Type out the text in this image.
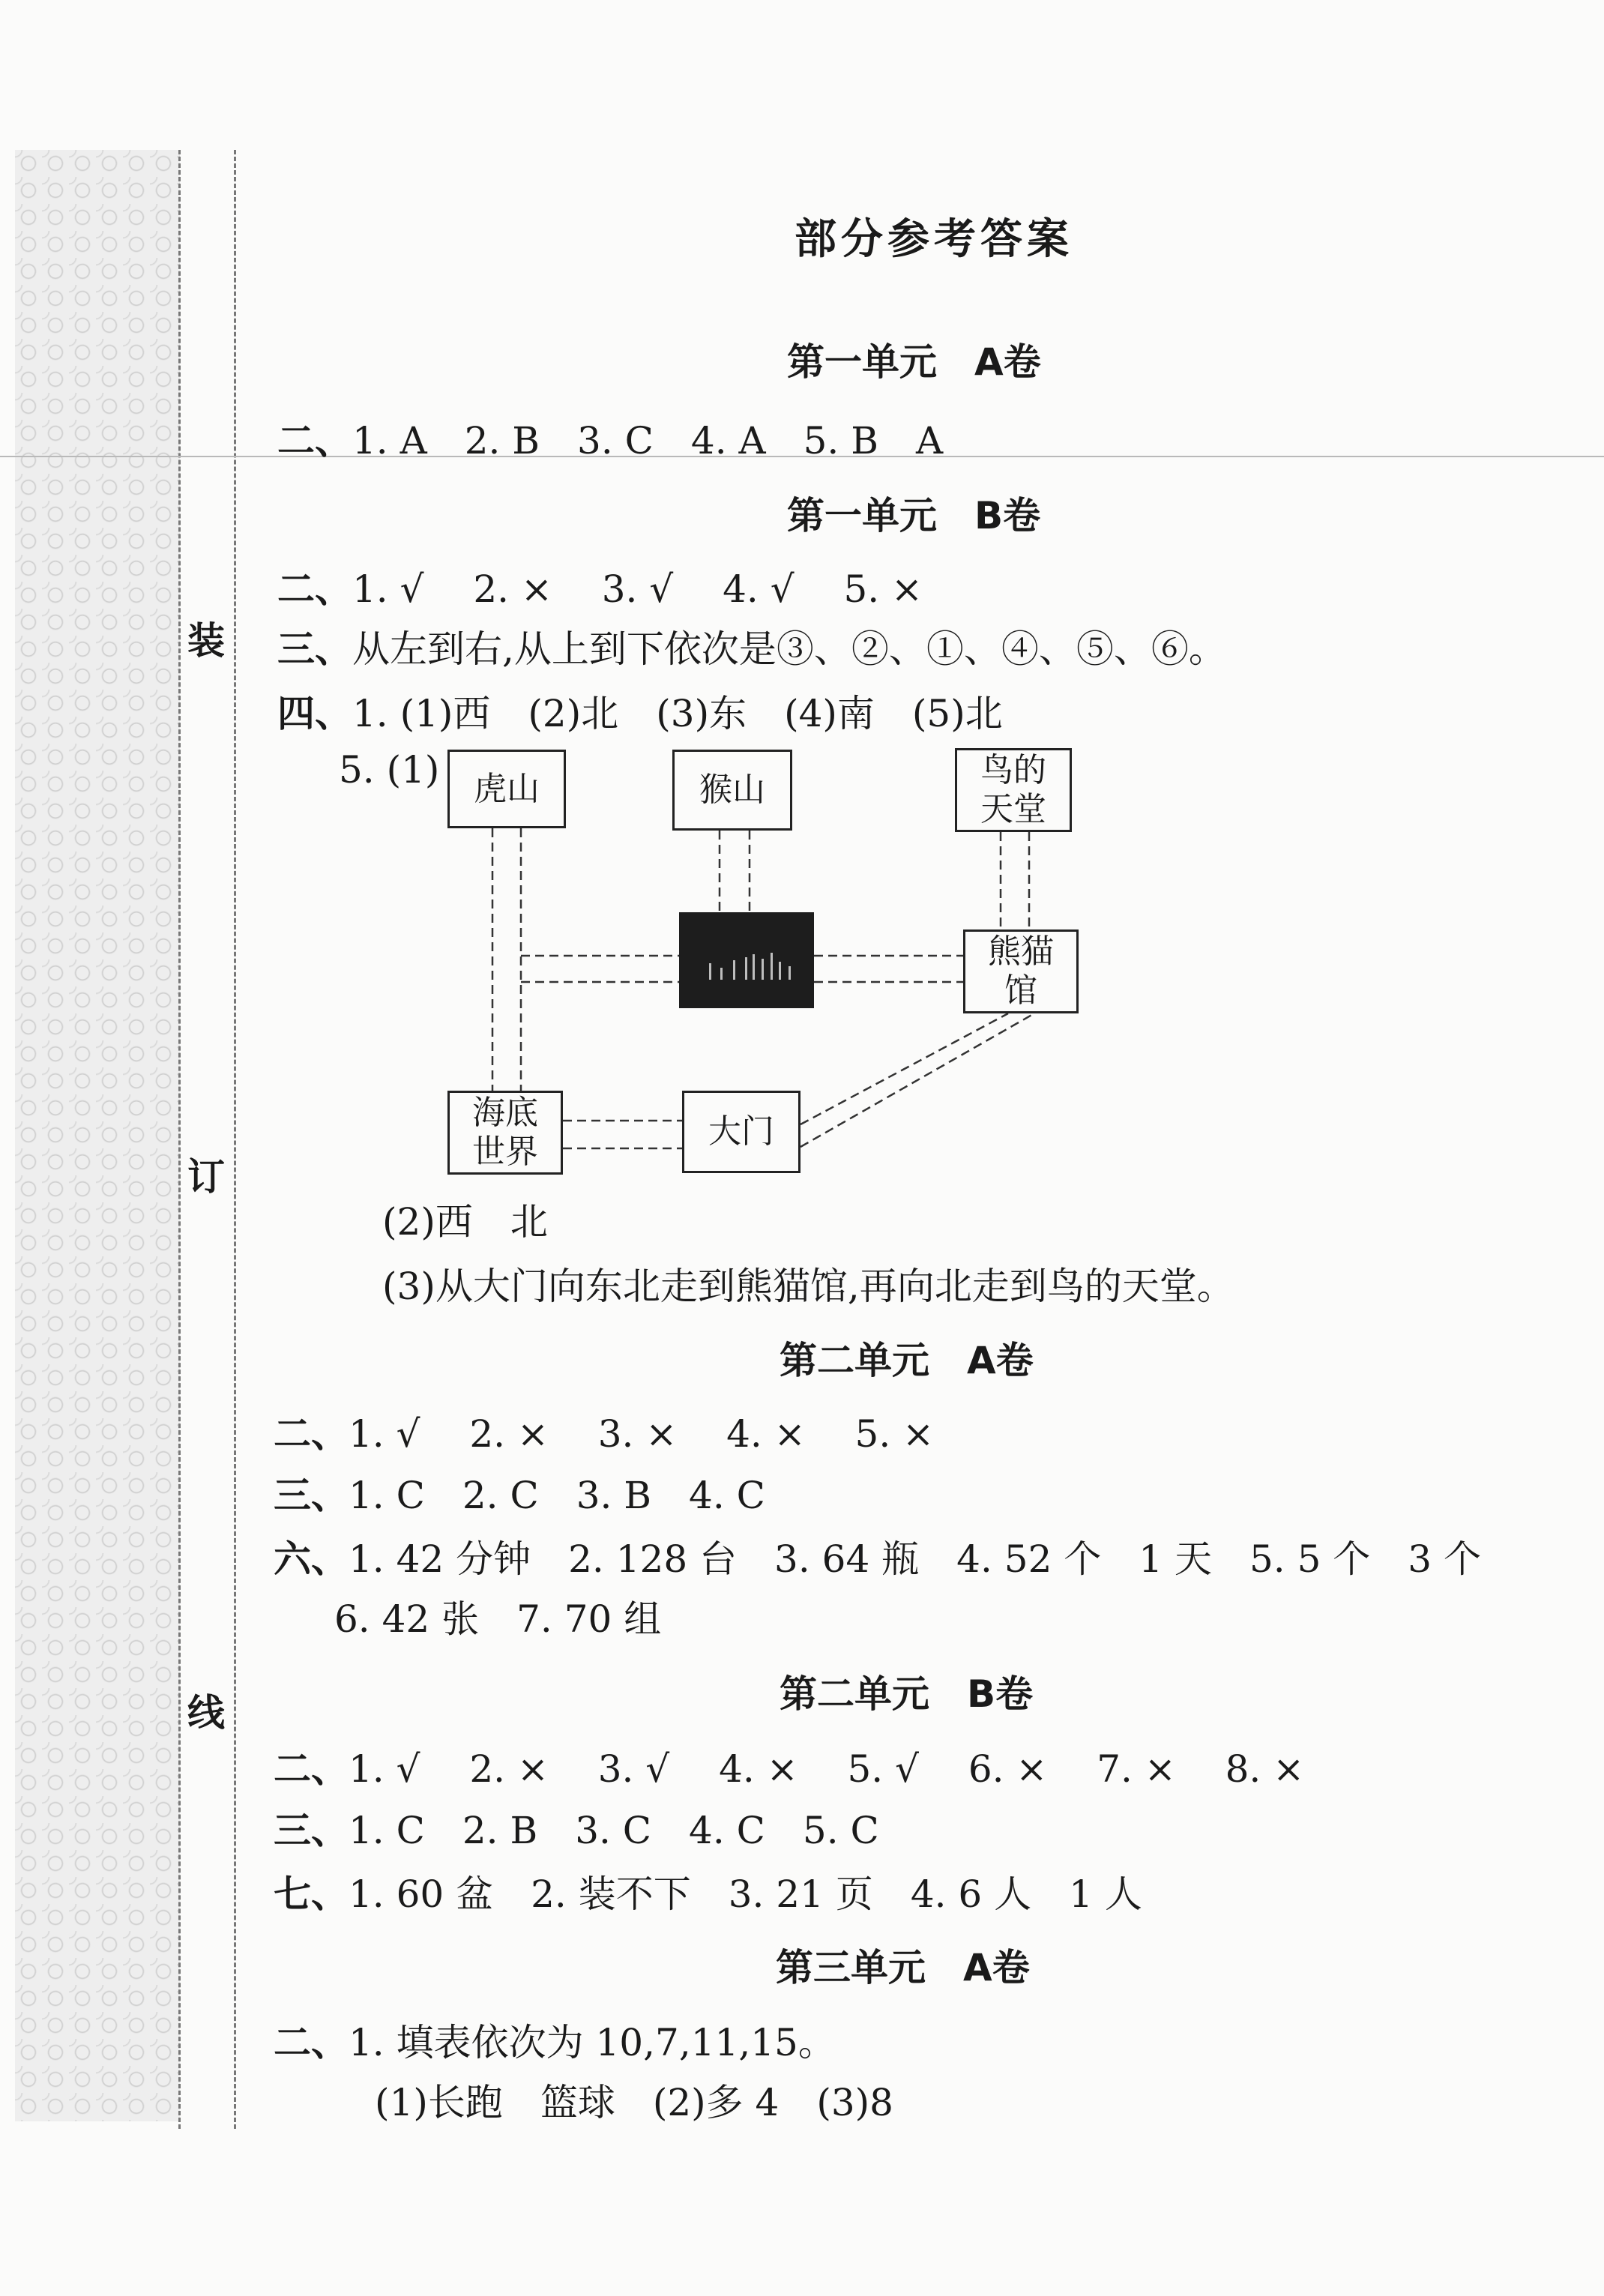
装
订
线
部分参考答案
第一单元　A卷
二、1. A　2. B　3. C　4. A　5. B　A
第一单元　B卷
二、1. √　 2. ×　 3. √　 4. √　 5. ×
三、从左到右,从上到下依次是③、②、①、④、⑤、⑥。
四、1. (1)西　(2)北　(3)东　(4)南　(5)北
5. (1) 虎山	猴山
鸟的
天堂
熊猫
馆
海底
世界
大门
(2)西　北
(3)从大门向东北走到熊猫馆,再向北走到鸟的天堂。
第二单元　A卷
二、1. √　 2. ×　 3. ×　 4. ×　 5. ×
三、1. C　2. C　3. B　4. C
六、1. 42 分钟　2. 128 台　3. 64 瓶　4. 52 个　1 天　5. 5 个　3 个
6. 42 张　7. 70 组
第二单元　B卷
二、1. √　 2. ×　 3. √　 4. ×　 5. √　 6. ×　 7. ×　 8. ×
三、1. C　2. B　3. C　4. C　5. C
七、1. 60 盆　2. 装不下　3. 21 页　4. 6 人　1 人
第三单元　A卷
二、1. 填表依次为 10,7,11,15。
(1)长跑　篮球　(2)多 4　(3)8
